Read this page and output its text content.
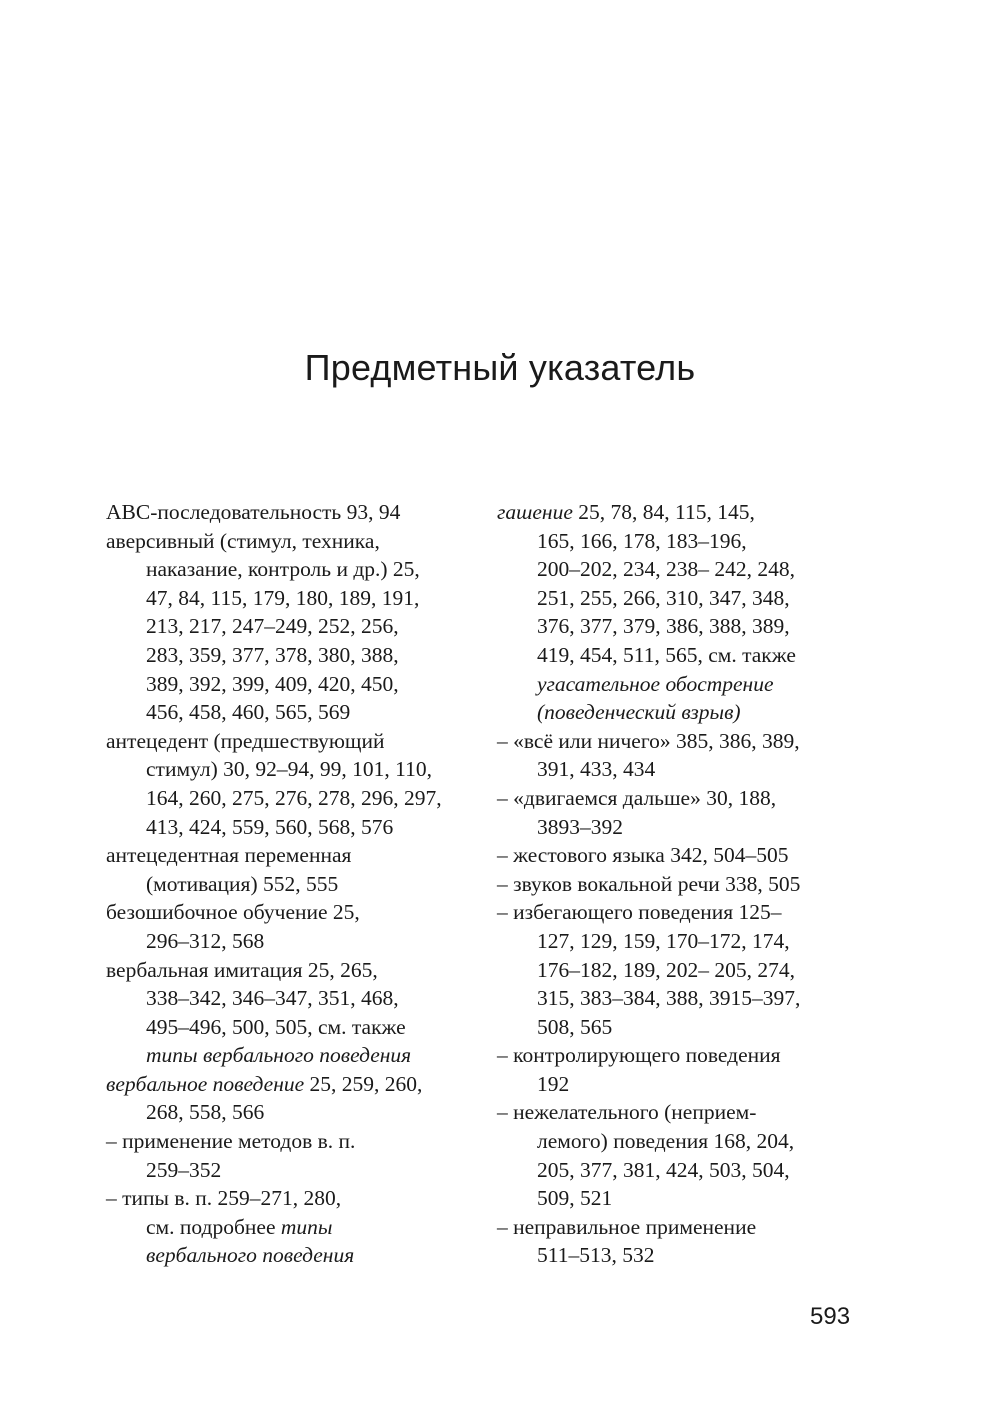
Предметный указатель
ABC-последовательность 93, 94
аверсивный (стимул, техника,
наказание, контроль и др.) 25,
47, 84, 115, 179, 180, 189, 191,
213, 217, 247–249, 252, 256,
283, 359, 377, 378, 380, 388,
389, 392, 399, 409, 420, 450,
456, 458, 460, 565, 569
антецедент (предшествующий
стимул) 30, 92–94, 99, 101, 110,
164, 260, 275, 276, 278, 296, 297,
413, 424, 559, 560, 568, 576
антецедентная переменная
(мотивация) 552, 555
безошибочное обучение 25,
296–312, 568
вербальная имитация 25, 265,
338–342, 346–347, 351, 468,
495–496, 500, 505, см. также
типы вербального поведения
вербальное поведение 25, 259, 260,
268, 558, 566
– применение методов в. п.
259–352
– типы в. п. 259–271, 280,
см. подробнее типы
вербального поведения
гашение 25, 78, 84, 115, 145,
165, 166, 178, 183–196,
200–202, 234, 238– 242, 248,
251, 255, 266, 310, 347, 348,
376, 377, 379, 386, 388, 389,
419, 454, 511, 565, см. также
угасательное обострение
(поведенческий взрыв)
– «всё или ничего» 385, 386, 389,
391, 433, 434
– «двигаемся дальше» 30, 188,
3893–392
– жестового языка 342, 504–505
– звуков вокальной речи 338, 505
– избегающего поведения 125–
127, 129, 159, 170–172, 174,
176–182, 189, 202– 205, 274,
315, 383–384, 388, 3915–397,
508, 565
– контролирующего поведения
192
– нежелательного (неприем-
лемого) поведения 168, 204,
205, 377, 381, 424, 503, 504,
509, 521
– неправильное применение
511–513, 532
593
